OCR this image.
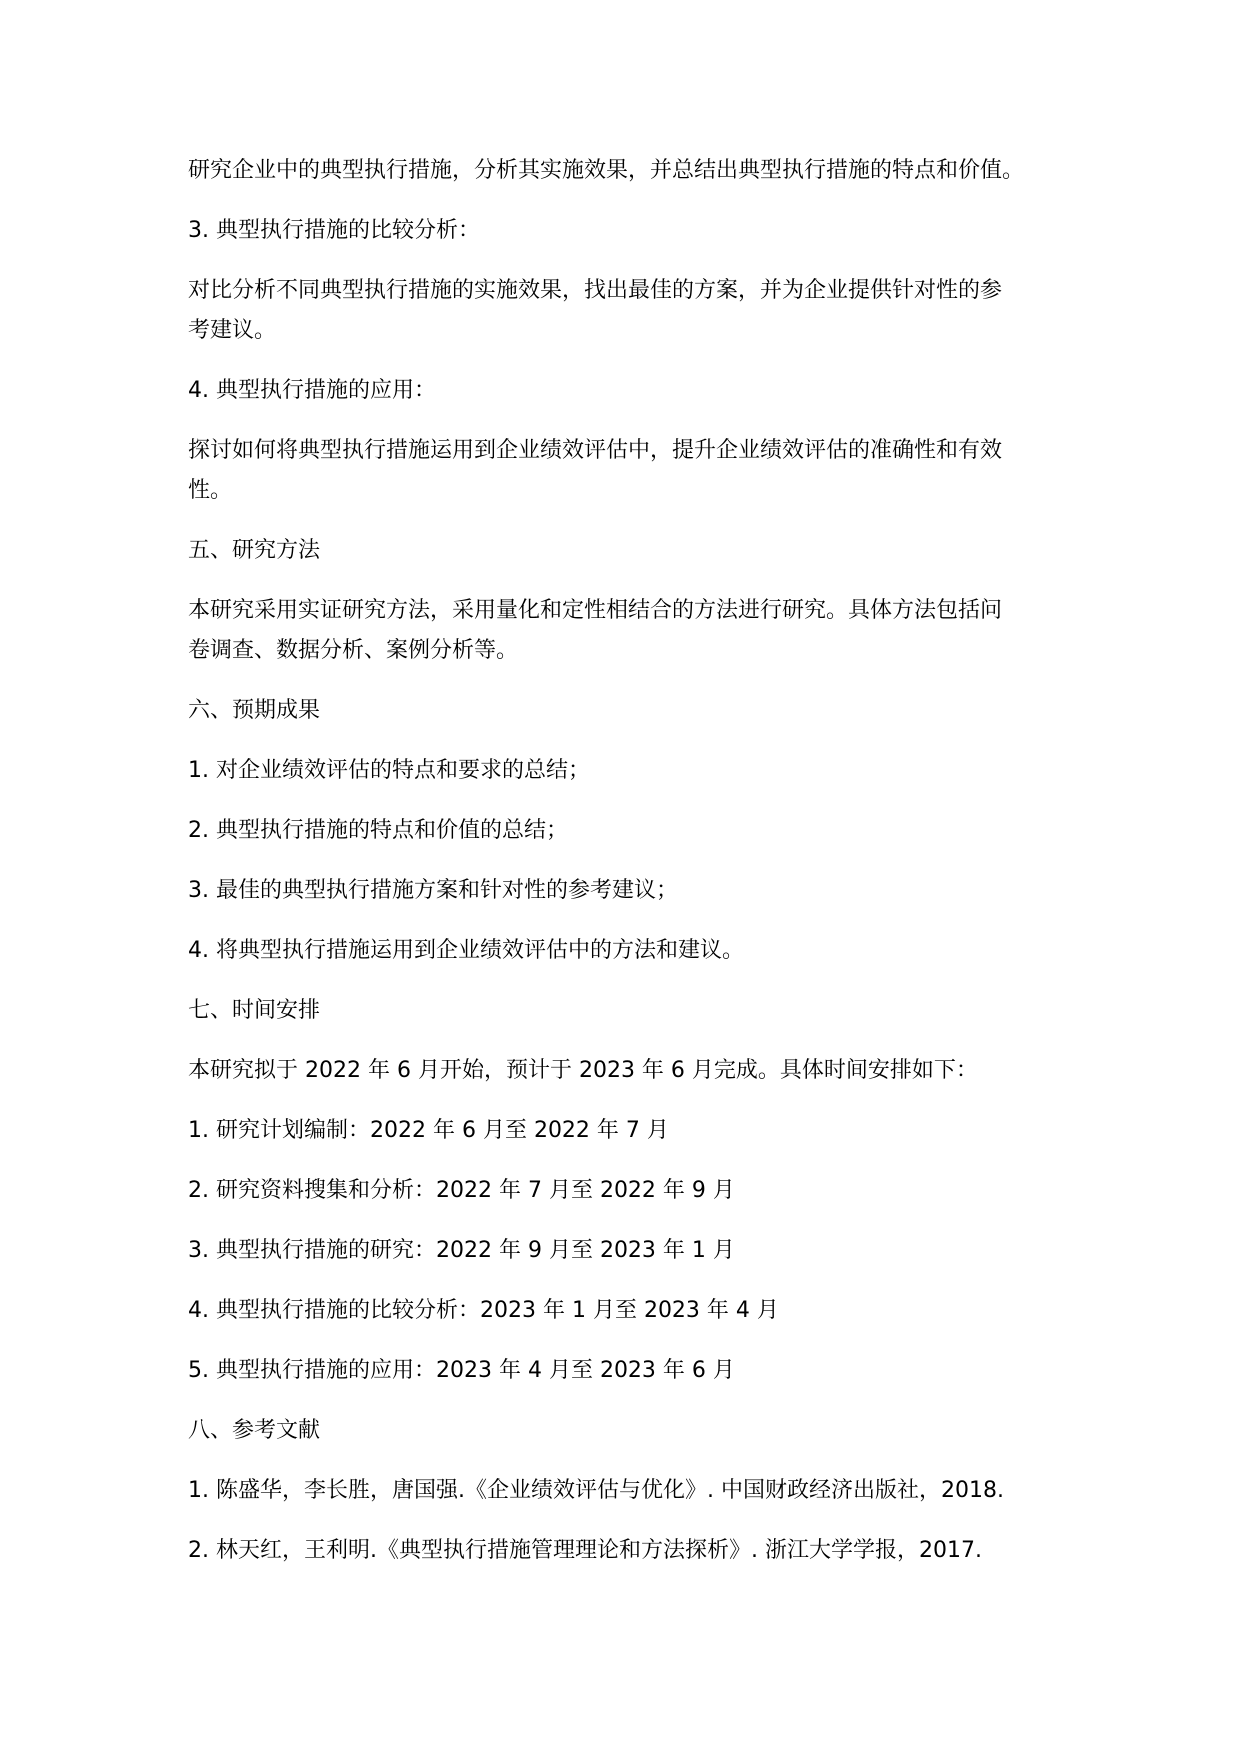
研究企业中的典型执行措施，分析其实施效果，并总结出典型执行措施的特点和价值。
3. 典型执行措施的比较分析：
对比分析不同典型执行措施的实施效果，找出最佳的方案，并为企业提供针对性的参
考建议。
4. 典型执行措施的应用：
探讨如何将典型执行措施运用到企业绩效评估中，提升企业绩效评估的准确性和有效
性。
五、研究方法
本研究采用实证研究方法，采用量化和定性相结合的方法进行研究。具体方法包括问
卷调查、数据分析、案例分析等。
六、预期成果
1. 对企业绩效评估的特点和要求的总结；
2. 典型执行措施的特点和价值的总结；
3. 最佳的典型执行措施方案和针对性的参考建议；
4. 将典型执行措施运用到企业绩效评估中的方法和建议。
七、时间安排
本研究拟于 2022 年 6 月开始，预计于 2023 年 6 月完成。具体时间安排如下：
1. 研究计划编制：2022 年 6 月至 2022 年 7 月
2. 研究资料搜集和分析：2022 年 7 月至 2022 年 9 月
3. 典型执行措施的研究：2022 年 9 月至 2023 年 1 月
4. 典型执行措施的比较分析：2023 年 1 月至 2023 年 4 月
5. 典型执行措施的应用：2023 年 4 月至 2023 年 6 月
八、参考文献
1. 陈盛华，李长胜，唐国强.《企业绩效评估与优化》. 中国财政经济出版社，2018.
2. 林天红，王利明.《典型执行措施管理理论和方法探析》. 浙江大学学报，2017.
